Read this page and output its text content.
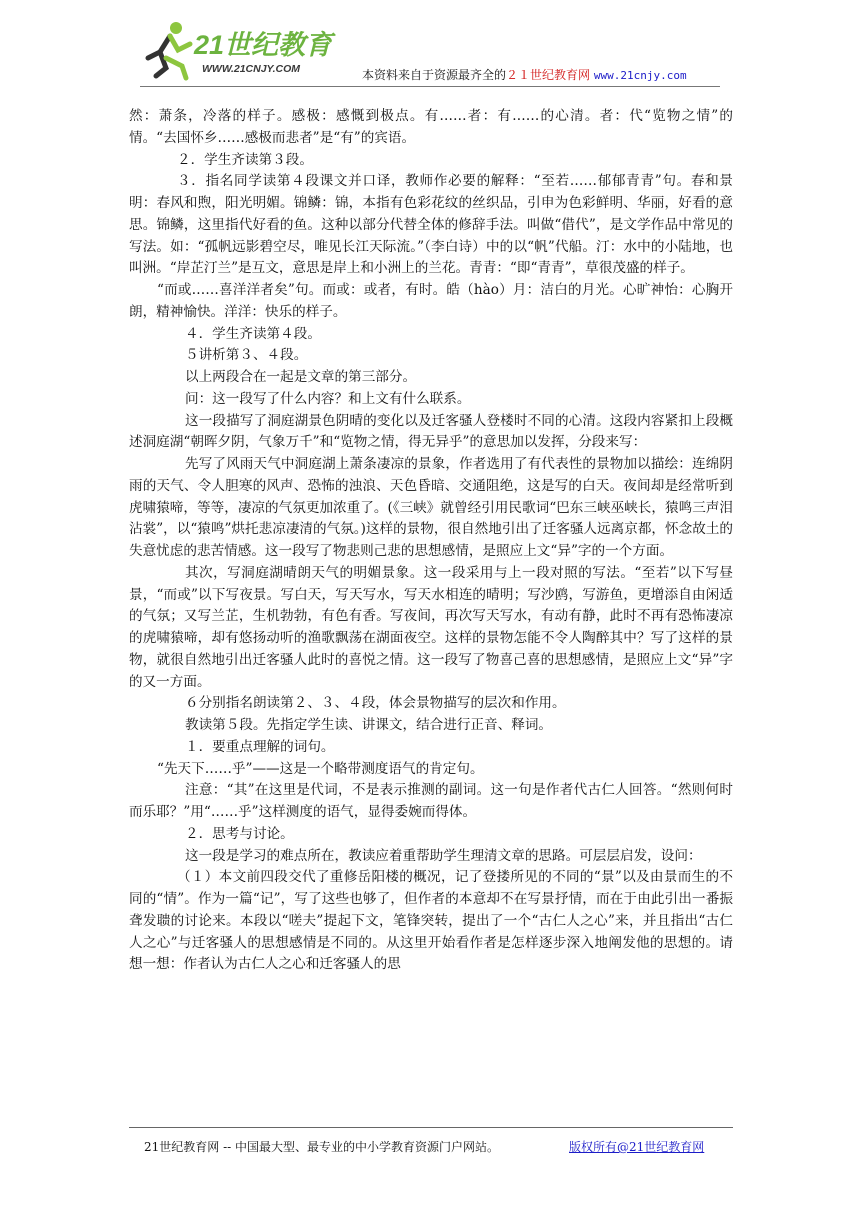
21世纪教育
WWW.21CNJY.COM	本资料来自于资源最齐全的２１世纪教育网 www.21cnjy.com

然：萧条，冷落的样子。感极：感慨到极点。有……者：有……的心清。者：代“览物之情”的情。“去国怀乡……感极而悲者”是“有”的宾语。

２．学生齐读第３段。

３．指名同学读第４段课文并口译，教师作必要的解释：“至若……郁郁青青”句。春和景明：春风和煦，阳光明媚。锦鳞：锦，本指有色彩花纹的丝织品，引申为色彩鲜明、华丽，好看的意思。锦鳞，这里指代好看的鱼。这种以部分代替全体的修辞手法。叫做“借代”，是文学作品中常见的写法。如：“孤帆远影碧空尽，唯见长江天际流。”（李白诗）中的以“帆”代船。汀：水中的小陆地，也叫洲。“岸芷汀兰”是互文，意思是岸上和小洲上的兰花。青青：“即“青青”，草很茂盛的样子。

“而或……喜洋洋者矣”句。而或：或者，有时。皓（hào）月：洁白的月光。心旷神怡：心胸开朗，精神愉快。洋洋：快乐的样子。

４．学生齐读第４段。

５讲析第３、４段。

以上两段合在一起是文章的第三部分。

问：这一段写了什么内容？和上文有什么联系。

这一段描写了洞庭湖景色阴晴的变化以及迁客骚人登楼时不同的心清。这段内容紧扣上段概述洞庭湖“朝晖夕阴，气象万千”和“览物之情，得无异乎”的意思加以发挥，分段来写：

先写了风雨天气中洞庭湖上萧条凄凉的景象，作者选用了有代表性的景物加以描绘：连绵阴雨的天气、令人胆寒的风声、恐怖的浊浪、天色昏暗、交通阻绝，这是写的白天。夜间却是经常听到虎啸猿啼，等等，凄凉的气氛更加浓重了。(《三峡》就曾经引用民歌词“巴东三峡巫峡长，猿鸣三声泪沾裳”，以“猿鸣”烘托悲凉凄清的气氛。)这样的景物，很自然地引出了迁客骚人远离京都，怀念故土的失意忧虑的悲苦情感。这一段写了物悲则己悲的思想感情，是照应上文“异”字的一个方面。

其次，写洞庭湖晴朗天气的明媚景象。这一段采用与上一段对照的写法。“至若”以下写昼景，“而或”以下写夜景。写白天，写天写水，写天水相连的晴明；写沙鸥，写游鱼，更增添自由闲适的气氛；又写兰芷，生机勃勃，有色有香。写夜间，再次写天写水，有动有静，此时不再有恐怖凄凉的虎啸猿啼，却有悠扬动听的渔歌飘荡在湖面夜空。这样的景物怎能不令人陶醉其中？写了这样的景物，就很自然地引出迁客骚人此时的喜悦之情。这一段写了物喜己喜的思想感情，是照应上文“异”字的又一方面。

６分别指名朗读第２、３、４段，体会景物描写的层次和作用。

教读第５段。先指定学生读、讲课文，结合进行正音、释词。

１．要重点理解的词句。

“先天下……乎”——这是一个略带测度语气的肯定句。

注意：“其”在这里是代词，不是表示推测的副词。这一句是作者代古仁人回答。“然则何时而乐耶？”用“……乎”这样测度的语气，显得委婉而得体。

２．思考与讨论。

这一段是学习的难点所在，教读应着重帮助学生理清文章的思路。可层层启发，设问：

（１）本文前四段交代了重修岳阳楼的概况，记了登搂所见的不同的“景”以及由景而生的不同的“情”。作为一篇“记”，写了这些也够了，但作者的本意却不在写景抒情，而在于由此引出一番振聋发聩的讨论来。本段以“嗟夫”提起下文，笔锋突转，提出了一个“古仁人之心”来，并且指出“古仁人之心”与迁客骚人的思想感情是不同的。从这里开始看作者是怎样逐步深入地阐发他的思想的。请想一想：作者认为古仁人之心和迁客骚人的思

21世纪教育网 -- 中国最大型、最专业的中小学教育资源门户网站。	版权所有@21世纪教育网
